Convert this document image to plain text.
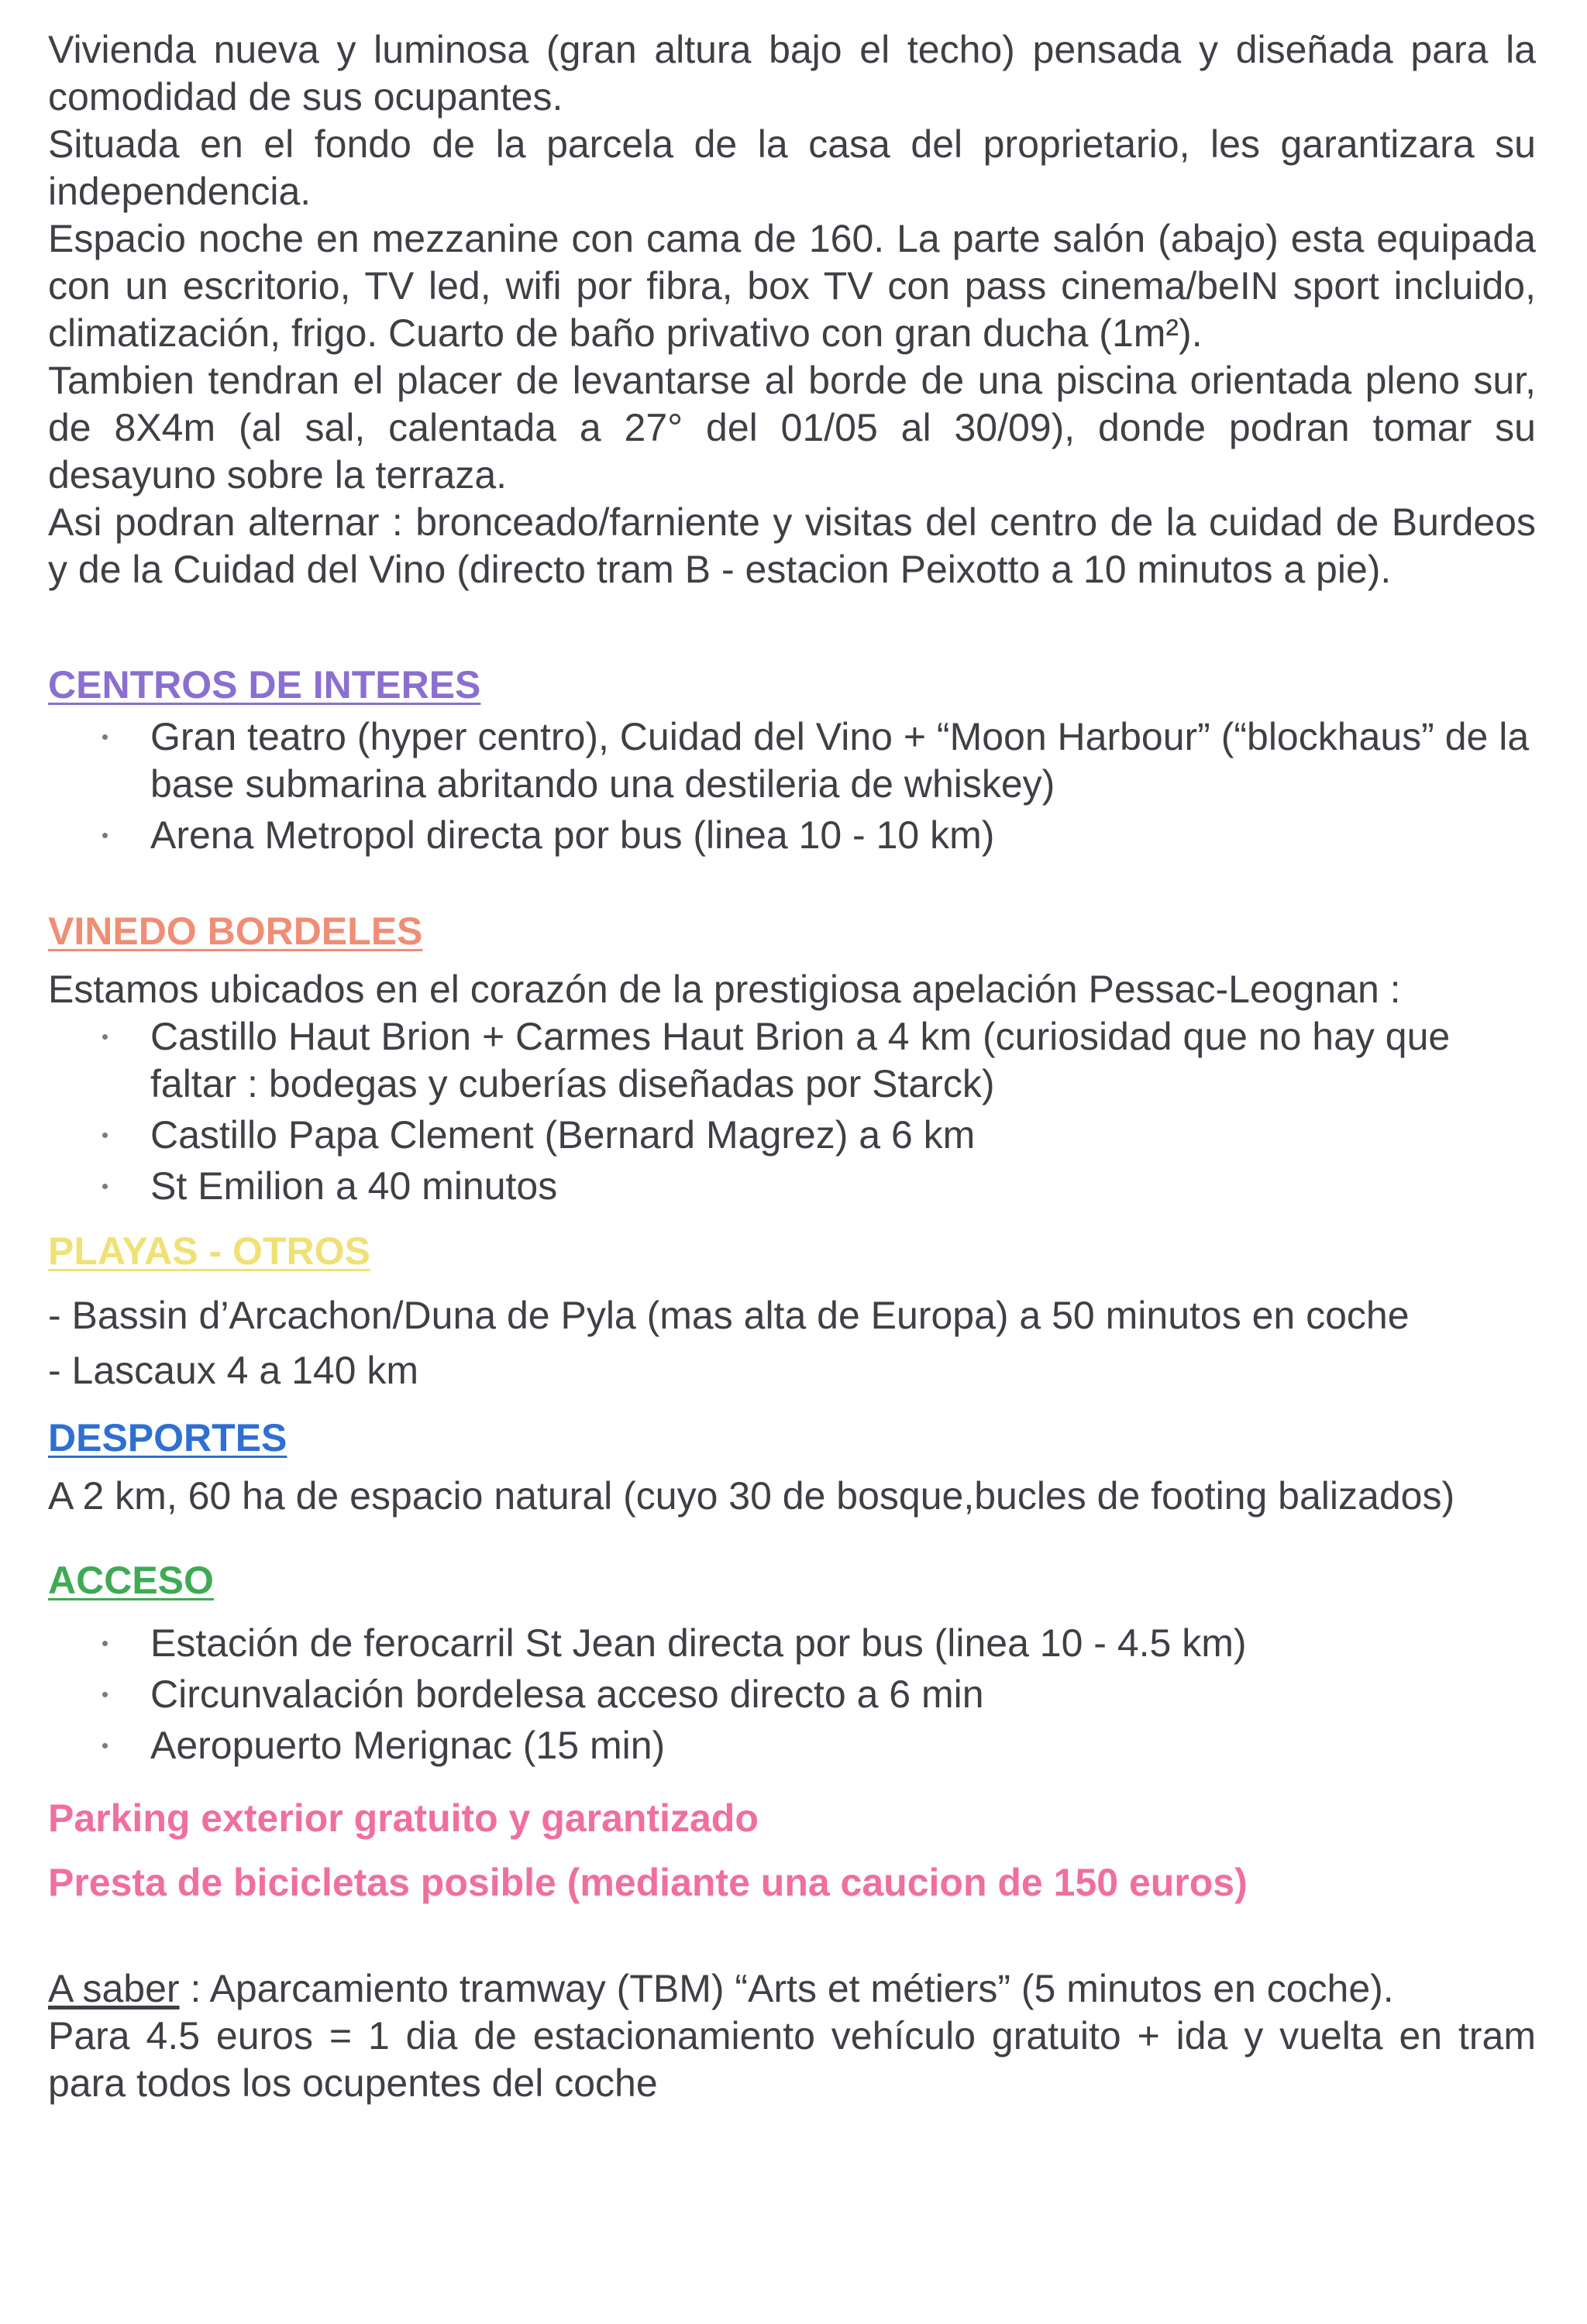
Vivienda nueva y luminosa (gran altura bajo el techo) pensada y diseñada para la comodidad de sus ocupantes.

Situada en el fondo de la parcela de la casa del proprietario, les garantizara su independencia.

Espacio noche en mezzanine con cama de 160. La parte salón (abajo) esta equipada con un escritorio, TV led, wifi por fibra, box TV con pass cinema/beIN sport incluido, climatización, frigo. Cuarto de baño privativo con gran ducha (1m²).

Tambien tendran el placer de levantarse al borde de una piscina orientada pleno sur, de 8X4m (al sal, calentada a 27° del 01/05 al 30/09), donde podran tomar su desayuno sobre la terraza.

Asi podran alternar : bronceado/farniente y visitas del centro de la cuidad de Burdeos y de la Cuidad del Vino (directo tram B - estacion Peixotto a 10 minutos a pie).

CENTROS DE INTERES

Gran teatro (hyper centro), Cuidad del Vino + “Moon Harbour” (“blockhaus” de la base submarina abritando una destileria de whiskey)
Arena Metropol directa por bus (linea 10 - 10 km)

VINEDO BORDELES

Estamos ubicados en el corazón de la prestigiosa apelación Pessac-Leognan :

Castillo Haut Brion + Carmes Haut Brion a 4 km (curiosidad que no hay que faltar : bodegas y cuberías diseñadas por Starck)
Castillo Papa Clement (Bernard Magrez) a 6 km
St Emilion a 40 minutos

PLAYAS - OTROS

- Bassin d’Arcachon/Duna de Pyla (mas alta de Europa) a 50 minutos en coche

- Lascaux 4 a 140 km

DESPORTES

A 2 km, 60 ha de espacio natural (cuyo 30 de bosque,bucles de footing balizados)

ACCESO

Estación de ferocarril St Jean directa por bus (linea 10 - 4.5 km)
Circunvalación bordelesa acceso directo a 6 min
Aeropuerto Merignac (15 min)

Parking exterior gratuito y garantizado

Presta de bicicletas posible (mediante una caucion de 150 euros)

A saber : Aparcamiento tramway (TBM) “Arts et métiers” (5 minutos en coche).

Para 4.5 euros = 1 dia de estacionamiento vehículo gratuito + ida y vuelta en tram para todos los ocupentes del coche
